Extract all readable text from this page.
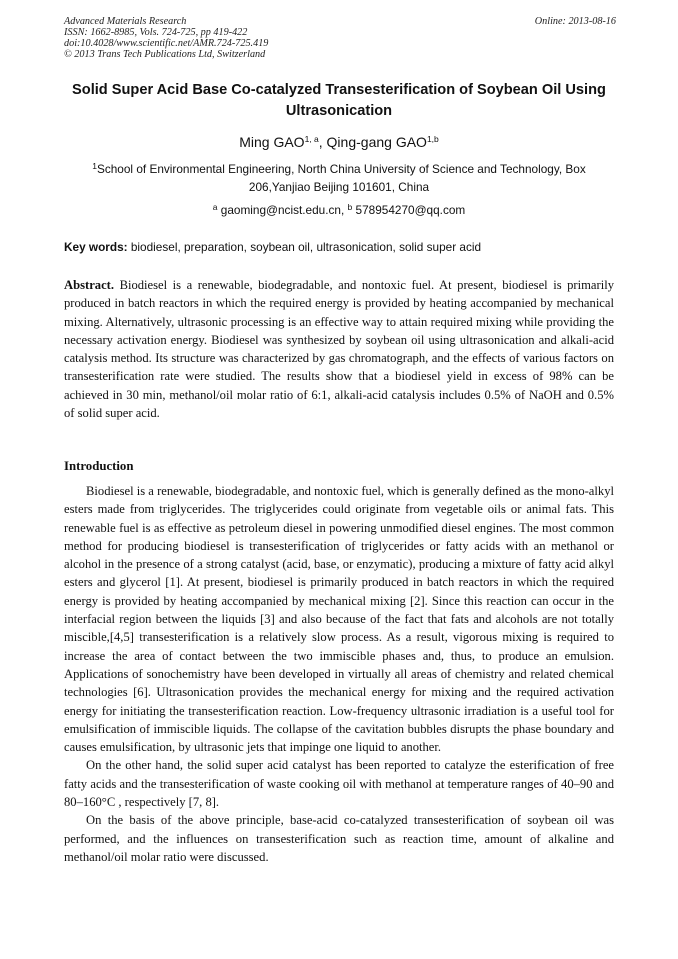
Advanced Materials Research
ISSN: 1662-8985, Vols. 724-725, pp 419-422
doi:10.4028/www.scientific.net/AMR.724-725.419
© 2013 Trans Tech Publications Ltd, Switzerland
Online: 2013-08-16
Solid Super Acid Base Co-catalyzed Transesterification of Soybean Oil Using Ultrasonication
Ming GAO$^{1, a}$, Qing-gang GAO$^{1,b}$
$^1$School of Environmental Engineering, North China University of Science and Technology, Box 206,Yanjiao Beijing 101601, China
$^a$ gaoming@ncist.edu.cn, $^b$ 578954270@qq.com
Key words: biodiesel, preparation, soybean oil, ultrasonication, solid super acid
Abstract. Biodiesel is a renewable, biodegradable, and nontoxic fuel. At present, biodiesel is primarily produced in batch reactors in which the required energy is provided by heating accompanied by mechanical mixing. Alternatively, ultrasonic processing is an effective way to attain required mixing while providing the necessary activation energy. Biodiesel was synthesized by soybean oil using ultrasonication and alkali-acid catalysis method. Its structure was characterized by gas chromatograph, and the effects of various factors on transesterification rate were studied. The results show that a biodiesel yield in excess of 98% can be achieved in 30 min, methanol/oil molar ratio of 6:1, alkali-acid catalysis includes 0.5% of NaOH and 0.5% of solid super acid.
Introduction

Biodiesel is a renewable, biodegradable, and nontoxic fuel, which is generally defined as the mono-alkyl esters made from triglycerides. The triglycerides could originate from vegetable oils or animal fats. This renewable fuel is as effective as petroleum diesel in powering unmodified diesel engines. The most common method for producing biodiesel is transesterification of triglycerides or fatty acids with an methanol or alcohol in the presence of a strong catalyst (acid, base, or enzymatic), producing a mixture of fatty acid alkyl esters and glycerol [1]. At present, biodiesel is primarily produced in batch reactors in which the required energy is provided by heating accompanied by mechanical mixing [2]. Since this reaction can occur in the interfacial region between the liquids [3] and also because of the fact that fats and alcohols are not totally miscible,[4,5] transesterification is a relatively slow process. As a result, vigorous mixing is required to increase the area of contact between the two immiscible phases and, thus, to produce an emulsion. Applications of sonochemistry have been developed in virtually all areas of chemistry and related chemical technologies [6]. Ultrasonication provides the mechanical energy for mixing and the required activation energy for initiating the transesterification reaction. Low-frequency ultrasonic irradiation is a useful tool for emulsification of immiscible liquids. The collapse of the cavitation bubbles disrupts the phase boundary and causes emulsification, by ultrasonic jets that impinge one liquid to another.

On the other hand, the solid super acid catalyst has been reported to catalyze the esterification of free fatty acids and the transesterification of waste cooking oil with methanol at temperature ranges of 40–90 and 80–160°C , respectively [7, 8].

On the basis of the above principle, base-acid co-catalyzed transesterification of soybean oil was performed, and the influences on transesterification such as reaction time, amount of alkaline and methanol/oil molar ratio were discussed.
